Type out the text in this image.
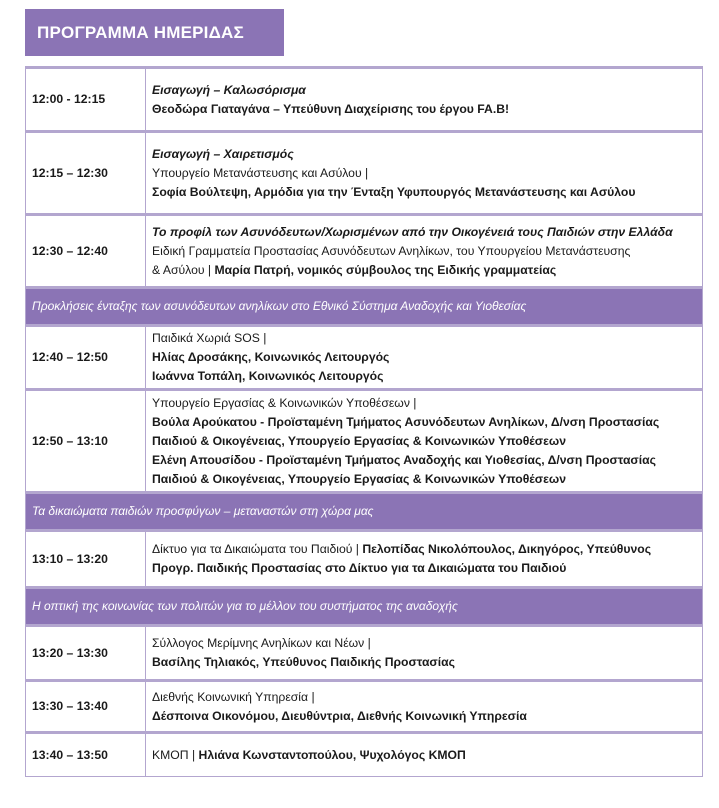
ΠΡΟΓΡΑΜΜΑ ΗΜΕΡΙΔΑΣ
12:00 - 12:15	Εισαγωγή – Καλωσόρισμα
Θεοδώρα Γιαταγάνα – Υπεύθυνη Διαχείρισης του έργου FA.B!

12:15 – 12:30	Εισαγωγή – Χαιρετισμός
Υπουργείο Μετανάστευσης και Ασύλου |
Σοφία Βούλτεψη, Αρμόδια για την Ένταξη Υφυπουργός Μετανάστευσης και Ασύλου

12:30 – 12:40	Το προφίλ των Ασυνόδευτων/Χωρισμένων από την Οικογένειά τους Παιδιών στην Ελλάδα
Ειδική Γραμματεία Προστασίας Ασυνόδευτων Ανηλίκων, του Υπουργείου Μετανάστευσης
& Ασύλου | Μαρία Πατρή, νομικός σύμβουλος της Ειδικής γραμματείας

Προκλήσεις ένταξης των ασυνόδευτων ανηλίκων στο Εθνικό Σύστημα Αναδοχής και Υιοθεσίας	
12:40 – 12:50	Παιδικά Χωριά SOS |
Ηλίας Δροσάκης, Κοινωνικός Λειτουργός
Ιωάννα Τοπάλη, Κοινωνικός Λειτουργός

12:50 – 13:10	Υπουργείο Εργασίας & Κοινωνικών Υποθέσεων |
Βούλα Αρούκατου - Προϊσταμένη Τμήματος Ασυνόδευτων Ανηλίκων, Δ/νση Προστασίας
Παιδιού & Οικογένειας, Υπουργείο Εργασίας & Κοινωνικών Υποθέσεων
Ελένη Απουσίδου - Προϊσταμένη Τμήματος Αναδοχής και Υιοθεσίας, Δ/νση Προστασίας
Παιδιού & Οικογένειας, Υπουργείο Εργασίας & Κοινωνικών Υποθέσεων

Τα δικαιώματα παιδιών προσφύγων – μεταναστών στη χώρα μας	
13:10 – 13:20	Δίκτυο για τα Δικαιώματα του Παιδιού | Πελοπίδας Νικολόπουλος, Δικηγόρος, Υπεύθυνος
Προγρ. Παιδικής Προστασίας στο Δίκτυο για τα Δικαιώματα του Παιδιού

Η οπτική της κοινωνίας των πολιτών για το μέλλον του συστήματος της αναδοχής	
13:20 – 13:30	Σύλλογος Μερίμνης Ανηλίκων και Νέων |
Βασίλης Τηλιακός, Υπεύθυνος Παιδικής Προστασίας

13:30 – 13:40	Διεθνής Κοινωνική Υπηρεσία |
Δέσποινα Οικονόμου, Διευθύντρια, Διεθνής Κοινωνική Υπηρεσία

13:40 – 13:50	ΚΜΟΠ | Ηλιάνα Κωνσταντοπούλου, Ψυχολόγος ΚΜΟΠ
